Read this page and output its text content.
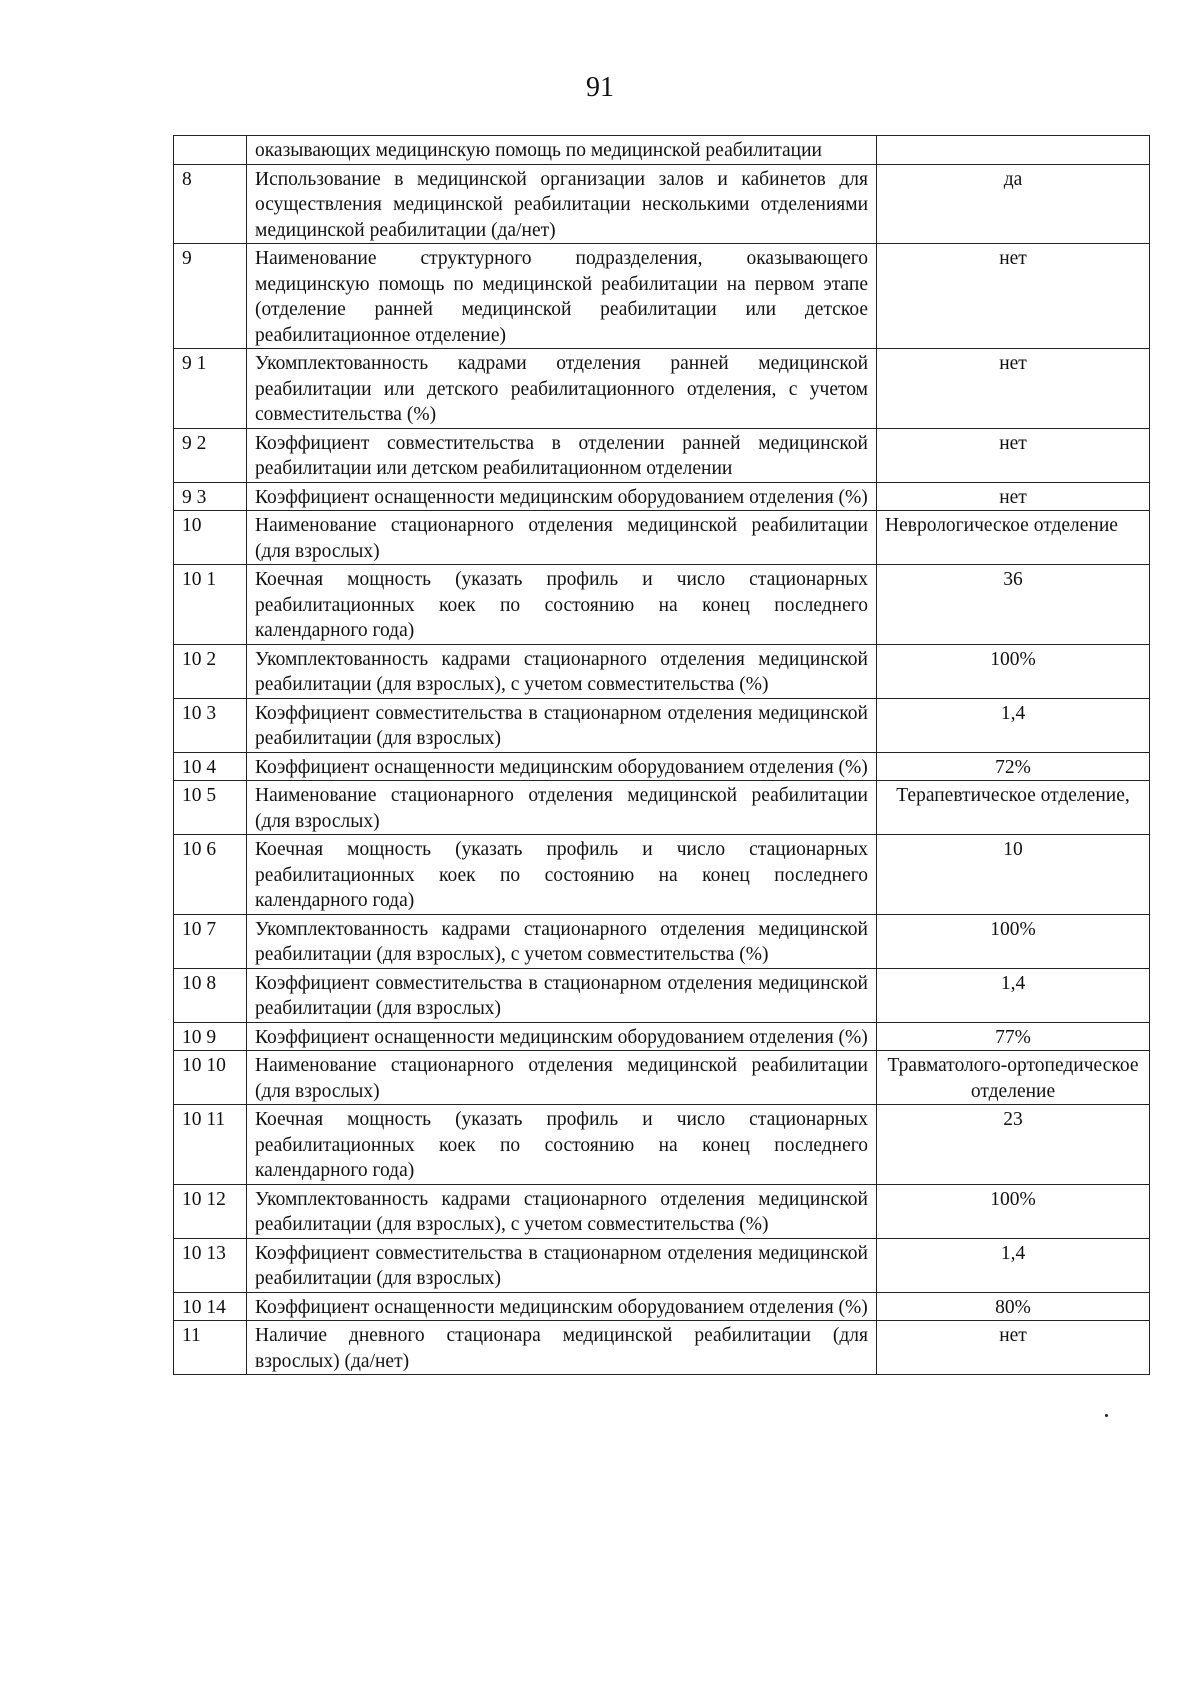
91
	оказывающих медицинскую помощь по медицинской реабилитации	
8	Использование в медицинской организации залов и кабинетов для осуществления медицинской реабилитации несколькими отделениями медицинской реабилитации (да/нет)	да
9	Наименование структурного подразделения, оказывающего медицинскую помощь по медицинской реабилитации на первом этапе (отделение ранней медицинской реабилитации или детское реабилитационное отделение)	нет
9 1	Укомплектованность кадрами отделения ранней медицинской реабилитации или детского реабилитационного отделения, с учетом совместительства (%)	нет
9 2	Коэффициент совместительства в отделении ранней медицинской реабилитации или детском реабилитационном отделении	нет
9 3	Коэффициент оснащенности медицинским оборудованием отделения (%)	нет
10	Наименование стационарного отделения медицинской реабилитации (для взрослых)	Неврологическое отделение
10 1	Коечная мощность (указать профиль и число стационарных реабилитационных коек по состоянию на конец последнего календарного года)	36
10 2	Укомплектованность кадрами стационарного отделения медицинской реабилитации (для взрослых), с учетом совместительства (%)	100%
10 3	Коэффициент совместительства в стационарном отделения медицинской реабилитации (для взрослых)	1,4
10 4	Коэффициент оснащенности медицинским оборудованием отделения (%)	72%
10 5	Наименование стационарного отделения медицинской реабилитации (для взрослых)	Терапевтическое отделение,
10 6	Коечная мощность (указать профиль и число стационарных реабилитационных коек по состоянию на конец последнего календарного года)	10
10 7	Укомплектованность кадрами стационарного отделения медицинской реабилитации (для взрослых), с учетом совместительства (%)	100%
10 8	Коэффициент совместительства в стационарном отделения медицинской реабилитации (для взрослых)	1,4
10 9	Коэффициент оснащенности медицинским оборудованием отделения (%)	77%
10 10	Наименование стационарного отделения медицинской реабилитации (для взрослых)	Травматолого-ортопедическое отделение
10 11	Коечная мощность (указать профиль и число стационарных реабилитационных коек по состоянию на конец последнего календарного года)	23
10 12	Укомплектованность кадрами стационарного отделения медицинской реабилитации (для взрослых), с учетом совместительства (%)	100%
10 13	Коэффициент совместительства в стационарном отделения медицинской реабилитации (для взрослых)	1,4
10 14	Коэффициент оснащенности медицинским оборудованием отделения (%)	80%
11	Наличие дневного стационара медицинской реабилитации (для взрослых) (да/нет)	нет
